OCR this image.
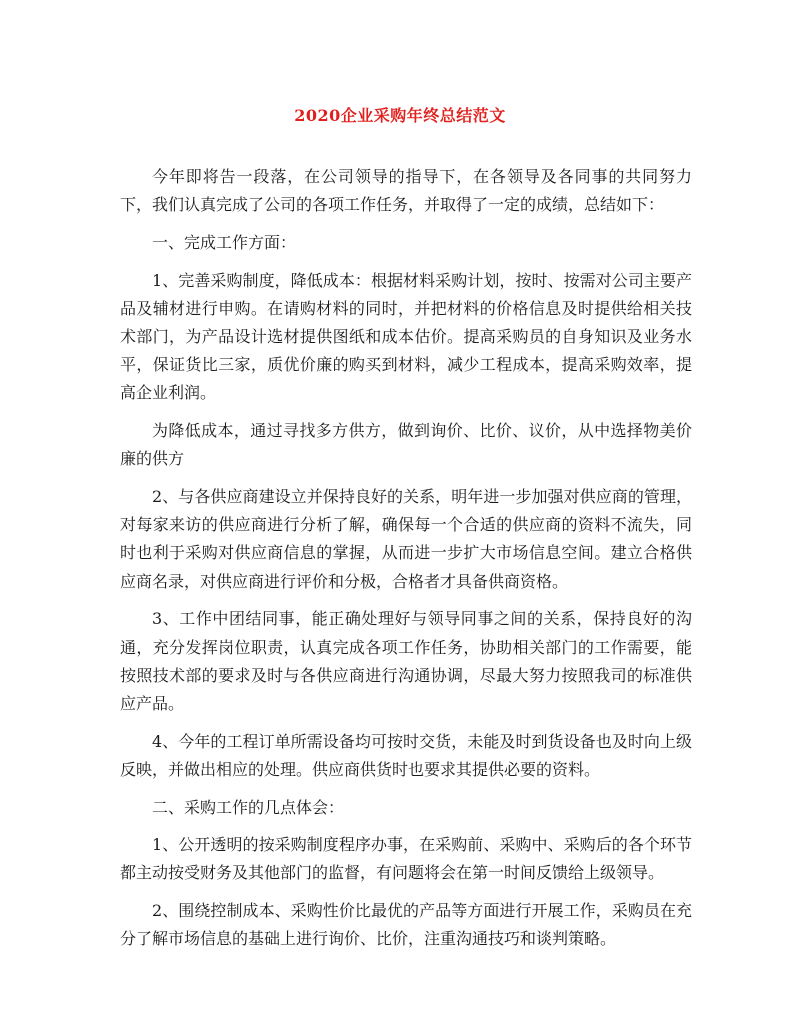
2020企业采购年终总结范文

今年即将告一段落，在公司领导的指导下，在各领导及各同事的共同努力下，我们认真完成了公司的各项工作任务，并取得了一定的成绩，总结如下：

一、完成工作方面：

1、完善采购制度，降低成本：根据材料采购计划，按时、按需对公司主要产品及辅材进行申购。在请购材料的同时，并把材料的价格信息及时提供给相关技术部门，为产品设计选材提供图纸和成本估价。提高采购员的自身知识及业务水平，保证货比三家，质优价廉的购买到材料，减少工程成本，提高采购效率，提高企业利润。

为降低成本，通过寻找多方供方，做到询价、比价、议价，从中选择物美价廉的供方

2、与各供应商建设立并保持良好的关系，明年进一步加强对供应商的管理，对每家来访的供应商进行分析了解，确保每一个合适的供应商的资料不流失，同时也利于采购对供应商信息的掌握，从而进一步扩大市场信息空间。建立合格供应商名录，对供应商进行评价和分极，合格者才具备供商资格。

3、工作中团结同事，能正确处理好与领导同事之间的关系，保持良好的沟通，充分发挥岗位职责，认真完成各项工作任务，协助相关部门的工作需要，能按照技术部的要求及时与各供应商进行沟通协调，尽最大努力按照我司的标准供应产品。

4、今年的工程订单所需设备均可按时交货，未能及时到货设备也及时向上级反映，并做出相应的处理。供应商供货时也要求其提供必要的资料。

二、采购工作的几点体会：

1、公开透明的按采购制度程序办事，在采购前、采购中、采购后的各个环节都主动按受财务及其他部门的监督，有问题将会在第一时间反馈给上级领导。

2、围绕控制成本、采购性价比最优的产品等方面进行开展工作，采购员在充分了解市场信息的基础上进行询价、比价，注重沟通技巧和谈判策略。
